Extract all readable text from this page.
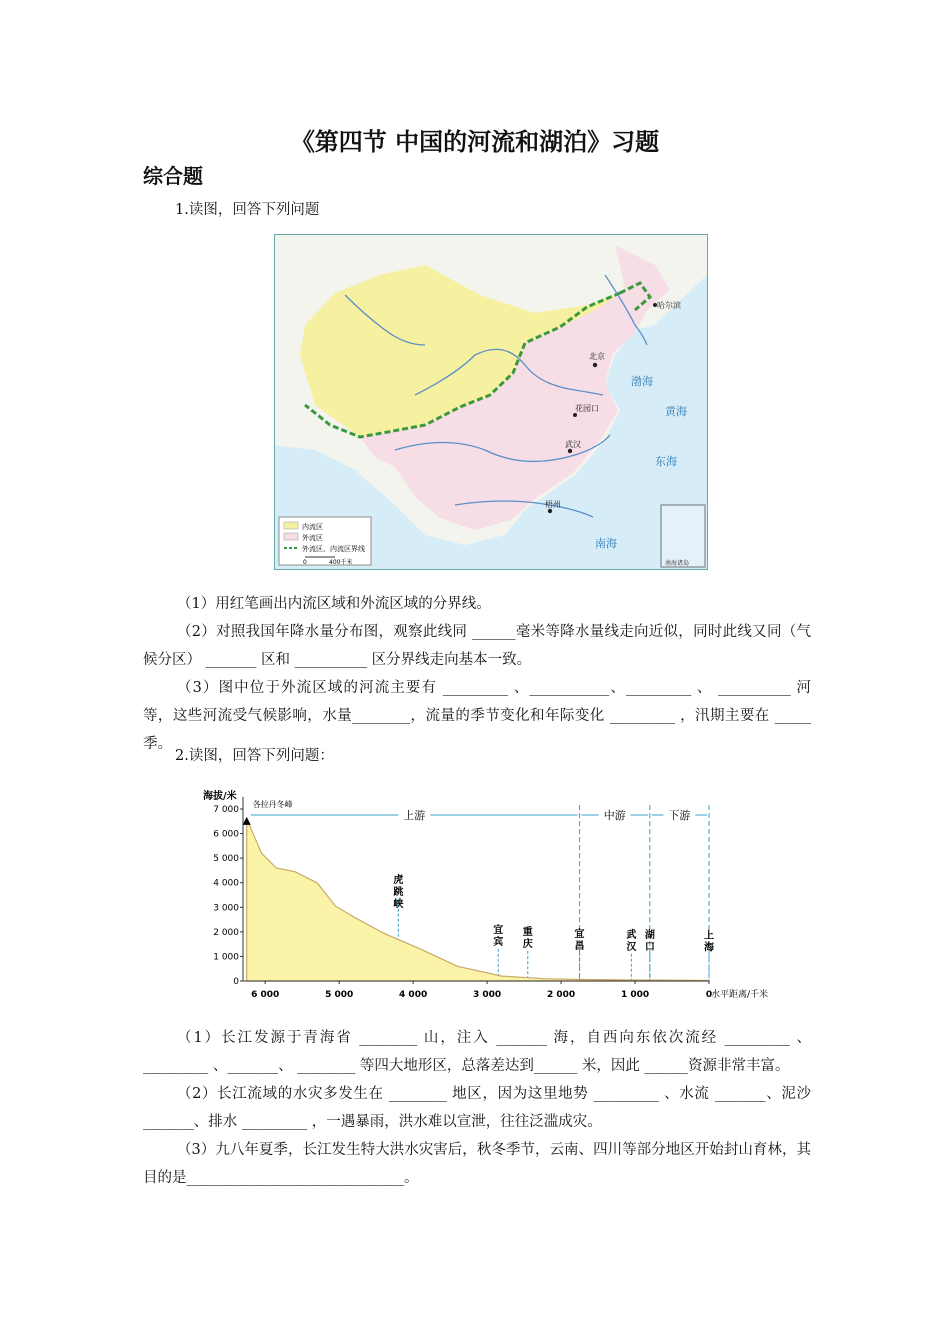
《第四节 中国的河流和湖泊》习题
综合题
1.读图，回答下列问题
北京
武汉
梧州
花园口
哈尔滨
渤海
黄海
东海
南海
南海诸岛
内流区
外流区
外流区、内流区界线
0	400千米

（1）用红笔画出内流区域和外流区域的分界线。

（2）对照我国年降水量分布图，观察此线同 ______毫米等降水量线走向近似，同时此线又同（气候分区） _______ 区和 __________ 区分界线走向基本一致。

（3）图中位于外流区域的河流主要有 _________ 、___________、_________ 、 __________ 河等，这些河流受气候影响，水量________，流量的季节变化和年际变化 _________ ，汛期主要在 _____ 季。

2.读图，回答下列问题：
海拔/米
水平距离/千米
7 000
6 000
5 000
4 000
3 000
2 000
1 000
0
6 000	5 000	4 000	3 000	2 000	1 000	0
各拉丹冬峰
上游	中游	下游
虎
跳
峡
宜
宾
重
庆
宜
昌
武
汉
湖
口
上
海

（1）长江发源于青海省 ________ 山，注入 _______ 海，自西向东依次流经 _________ 、_________ 、_______、 ________ 等四大地形区，总落差达到______ 米，因此 ______资源非常丰富。

（2）长江流域的水灾多发生在 ________ 地区，因为这里地势 _________ 、水流 _______、泥沙 _______、排水 _________ ，一遇暴雨，洪水难以宣泄，往往泛滥成灾。

（3）九八年夏季，长江发生特大洪水灾害后，秋冬季节，云南、四川等部分地区开始封山育林，其目的是______________________________。
